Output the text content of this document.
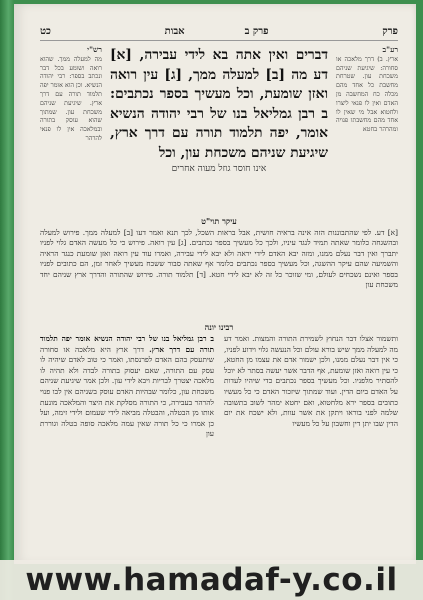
פרק
פרק ב
אבות
כט
רע"ב
ארץ. ב) דרך מלאכה או סחורה: שיגיעת שניהם משכחת עון. שטרחת מחשבת כל אחד מהם מכלה כח המחשבה מן האדם ואין לו פנאי ליצרו ולחטוא אבל מי שאין לו אחד מהם מחשבתו פנויה ומהרהר בחטא
דברים ואין אתה בא לידי עבירה, [א] דע מה [ב] למעלה ממך, [ג] עין רואה ואזן שומעת, וכל מעשיך בספר נכתבים: ב רבן גמליאל בנו של רבי יהודה הנשיא אומר, יפה תלמוד תורה עם דרך ארץ, שיגיעת שניהם משכחת עון, וכל
אינו חוסר גוזל מעוה אחרים
רש"י
מה למעלה ממך. שהוא רואה ושומע בכל דבר ונכתב בספר: רבי יהודה הנשיא. וכן הוא אומר יפה תלמוד תורה עם דרך ארץ. שיגיעת שניהם משכחת עון. שמתוך שהוא עוסק בתורה ובמלאכה אין לו פנאי להרהר
עיקר תוי"ט
[א] דע. לפי שהתבוננות הזה אינה בראיה חושית, אבל בראות השכל, לכך תנא ואמר דעו [ב] למעלה ממך. פירוש למעלה ובהשגחה כלומר שאתה תמיד לנגד עיניו, ולכך כל מעשיך בספר נכתבים. [ג] עין רואה. פירוש כי כל מעשה האדם גלוי לפניו יתברך ואין דבר נעלם ממנו, ומזה יבא האדם לידי יראה ולא יבא לידי עבירה, ואמרו עוד עין רואה ואזן שומעת כנגד הראיה והשמיעה שהם עיקר ההשגה, וכל מעשיך בספר נכתבים כלומר אף שאתה סבור ששכח מעשיך לאחר זמן, הם כתובים לפניו בספר ואינם נשכחים לעולם, ומי שזוכר כל זה לא יבא לידי חטא. [ד] תלמוד תורה. פירוש שהתורה והדרך ארץ שניהם יחד משכחת עון
רבינו יונה
ותשמור אצלו דבר הנחוץ לשמירת התורה והמצות. ואמר דע מה למעלה ממך שיש בורא עולם וכל הנעשה גלוי וידוע לפניו, כי אין דבר נעלם ממנו, ולכן ישמור אדם את עצמו מן החטא, כי עין רואה ואזן שומעת, אף הדבר אשר יעשה בסתר לא יוכל להסתיר מלפניו. וכל מעשיך בספר נכתבים כדי שיהיו לעדות על האדם ביום הדין. ועוד שמתוך שיזכור האדם כי כל מעשיו כתובים בספר ירא מלחטוא, ואם יחטא ימהר לשוב בתשובה שלמה לפני בוראו ויתקן את אשר עוות, ולא ישכח את יום הדין שבו יתן דין וחשבון על כל מעשיו
ב רבן גמליאל בנו של רבי יהודה הנשיא אומר יפה תלמוד תורה עם דרך ארץ. דרך ארץ היא מלאכה או סחורה שיתעסק בהם האדם לפרנסתו, ואמר כי טוב לאדם שיהיה לו עסק עם התורה, שאם יעסוק בתורה לבדה ולא תהיה לו מלאכה יצטרך לבריות ויבא לידי עון. ולכן אמר שיגיעת שניהם משכחת עון, כלומר שבהיות האדם עוסק בשניהם אין לבו פנוי להרהר בעבירה, כי התורה מסלקת את היצר והמלאכה מונעת אותו מן הבטלה, והבטלה מביאה לידי שעמום ולידי זימה, ועל כן אמרו כי כל תורה שאין עמה מלאכה סופה בטלה וגוררת עון
www.hamadaf-y.co.il
